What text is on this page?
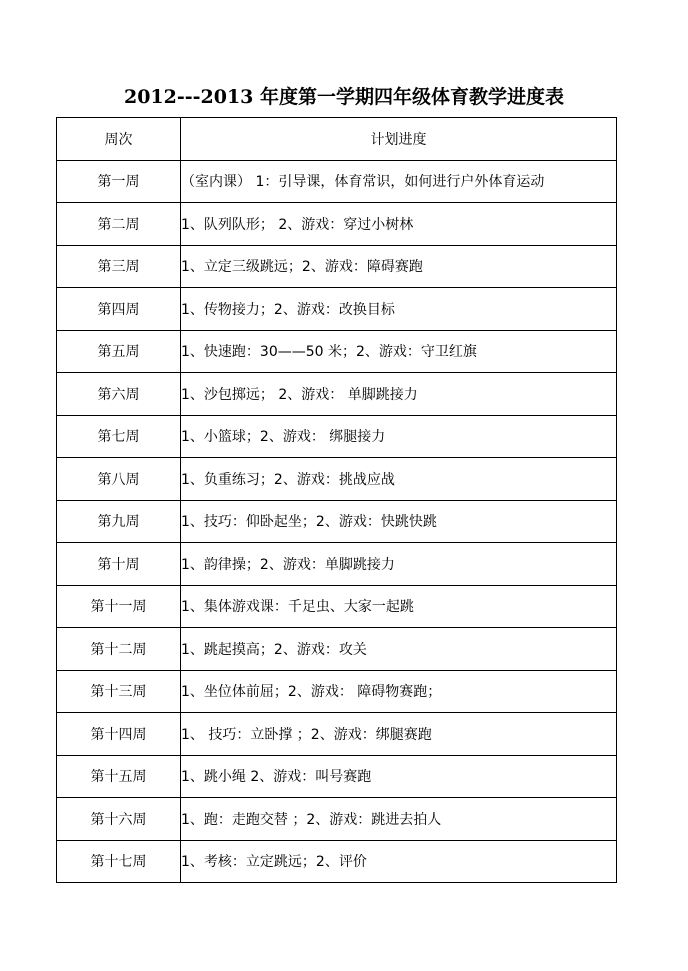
2012---2013 年度第一学期四年级体育教学进度表
周次	计划进度
第一周	（室内课） 1：引导课，体育常识，如何进行户外体育运动
第二周	1、队列队形； 2、游戏：穿过小树林
第三周	1、立定三级跳远；2、游戏：障碍赛跑
第四周	1、传物接力；2、游戏：改换目标
第五周	1、快速跑：30——50 米；2、游戏：守卫红旗
第六周	1、沙包掷远； 2、游戏： 单脚跳接力
第七周	1、小篮球；2、游戏： 绑腿接力
第八周	1、负重练习；2、游戏：挑战应战
第九周	1、技巧：仰卧起坐；2、游戏：快跳快跳
第十周	1、韵律操；2、游戏：单脚跳接力
第十一周	1、集体游戏课：千足虫、大家一起跳
第十二周	1、跳起摸高；2、游戏：攻关
第十三周	1、坐位体前屈；2、游戏： 障碍物赛跑；
第十四周	1、 技巧：立卧撑 ；2、游戏：绑腿赛跑
第十五周	1、跳小绳 2、游戏：叫号赛跑
第十六周	1、跑：走跑交替 ；2、游戏：跳进去拍人
第十七周	1、考核：立定跳远；2、评价
